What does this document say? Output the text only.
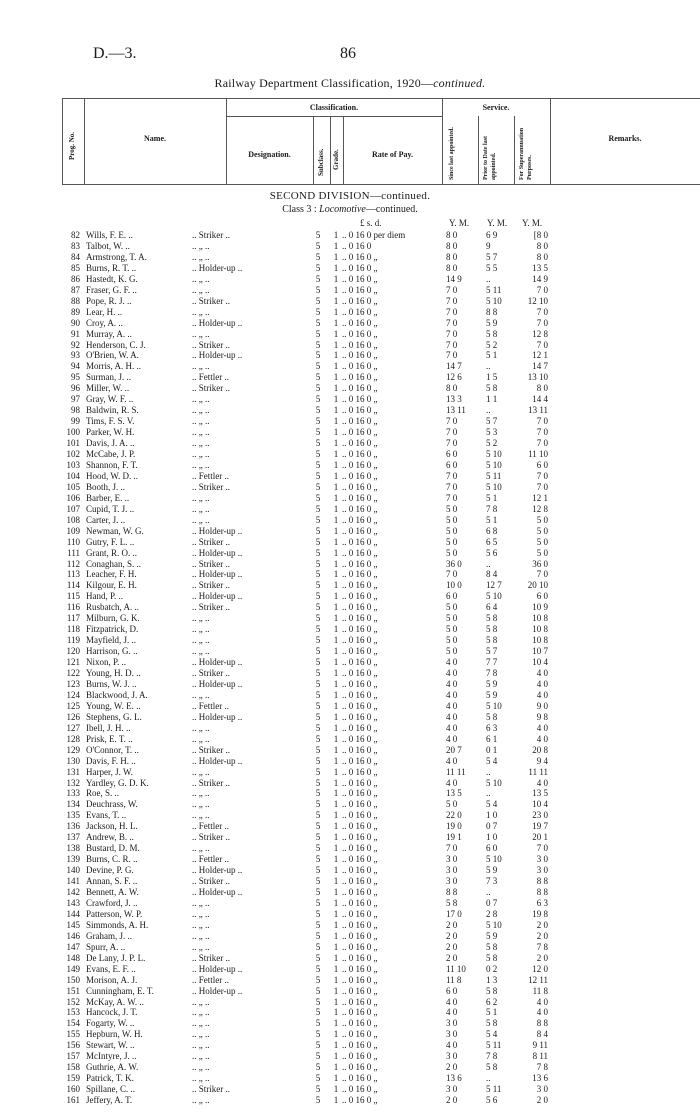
D.—3.	86
Railway Department Classification, 1920—continued.
Classification.	Service.
Name.
Designation.	Rate of Pay.
Remarks.
Prog. No.
Subclass. Grade.	Since last appointed.	Prior to Date last appointed.	For Superannuation Purposes.
SECOND DIVISION—continued.
Class 3 : Locomotive—continued.
£ s. d.	Y. M. Y. M. Y. M.
82 Wills, F. E. ..	.. Striker ..	5	1 .. 0 16 0 per diem	8 0	6 9	[8 0
83 Talbot, W. ..	.. „ ..	5	1 .. 0 16 0	8 0	9	8 0
84 Armstrong, T. A.	.. „ ..	5	1 .. 0 16 0 „	8 0	5 7	8 0
85 Burns, R. T. ..	.. Holder-up ..	5	1 .. 0 16 0 „	8 0	5 5	13 5
86 Hastedt, K. G.	.. „ ..	5	1 .. 0 16 0 „	14 9	..	14 9
87 Fraser, G. F. ..	.. „ ..	5	1 .. 0 16 0 „	7 0	5 11	7 0
88 Pope, R. J. ..	.. Striker ..	5	1 .. 0 16 0 „	7 0	5 10	12 10
89 Lear, H. ..	.. „ ..	5	1 .. 0 16 0 „	7 0	8 8	7 0
90 Croy, A. ..	.. Holder-up ..	5	1 .. 0 16 0 „	7 0	5 9	7 0
91 Murray, A. ..	.. „ ..	5	1 .. 0 16 0 „	7 0	5 8	12 8
92 Henderson, C. J.	.. Striker ..	5	1 .. 0 16 0 „	7 0	5 2	7 0
93 O'Brien, W. A.	.. Holder-up ..	5	1 .. 0 16 0 „	7 0	5 1	12 1
94 Morris, A. H. ..	.. „ ..	5	1 .. 0 16 0 „	14 7	..	14 7
95 Surman, J. ..	.. Fettler ..	5	1 .. 0 16 0 „	12 6	1 5	13 10
96 Miller, W. ..	.. Striker ..	5	1 .. 0 16 0 „	8 0	5 8	8 0
97 Gray, W. F. ..	.. „ ..	5	1 .. 0 16 0 „	13 3	1 1	14 4
98 Baldwin, R. S.	.. „ ..	5	1 .. 0 16 0 „	13 11	..	13 11
99 Tims, F. S. V.	.. „ ..	5	1 .. 0 16 0 „	7 0	5 7	7 0
100 Parker, W. H.	.. „ ..	5	1 .. 0 16 0 „	7 0	5 3	7 0
101 Davis, J. A. ..	.. „ ..	5	1 .. 0 16 0 „	7 0	5 2	7 0
102 McCabe, J. P.	.. „ ..	5	1 .. 0 16 0 „	6 0	5 10	11 10
103 Shannon, F. T.	.. „ ..	5	1 .. 0 16 0 „	6 0	5 10	6 0
104 Hood, W. D. ..	.. Fettler ..	5	1 .. 0 16 0 „	7 0	5 11	7 0
105 Booth, J. ..	.. Striker ..	5	1 .. 0 16 0 „	7 0	5 10	7 0
106 Barber, E. ..	.. „ ..	5	1 .. 0 16 0 „	7 0	5 1	12 1
107 Cupid, T. J. ..	.. „ ..	5	1 .. 0 16 0 „	5 0	7 8	12 8
108 Carter, J. ..	.. „ ..	5	1 .. 0 16 0 „	5 0	5 1	5 0
109 Newman, W. G.	.. Holder-up ..	5	1 .. 0 16 0 „	5 0	6 8	5 0
110 Gutry, F. L. ..	.. Striker ..	5	1 .. 0 16 0 „	5 0	6 5	5 0
111 Grant, R. O. ..	.. Holder-up ..	5	1 .. 0 16 0 „	5 0	5 6	5 0
112 Conaghan, S. ..	.. Striker ..	5	1 .. 0 16 0 „	36 0	..	36 0
113 Leacher, F. H.	.. Holder-up ..	5	1 .. 0 16 0 „	7 0	8 4	7 0
114 Kilgour, E. H.	.. Striker ..	5	1 .. 0 16 0 „	10 0	12 7	20 10
115 Hand, P. ..	.. Holder-up ..	5	1 .. 0 16 0 „	6 0	5 10	6 0
116 Rusbatch, A. ..	.. Striker ..	5	1 .. 0 16 0 „	5 0	6 4	10 9
117 Milburn, G. K.	.. „ ..	5	1 .. 0 16 0 „	5 0	5 8	10 8
118 Fitzpatrick, D.	.. „ ..	5	1 .. 0 16 0 „	5 0	5 8	10 8
119 Mayfield, J. ..	.. „ ..	5	1 .. 0 16 0 „	5 0	5 8	10 8
120 Harrison, G. ..	.. „ ..	5	1 .. 0 16 0 „	5 0	5 7	10 7
121 Nixon, P. ..	.. Holder-up ..	5	1 .. 0 16 0 „	4 0	7 7	10 4
122 Young, H. D. ..	.. Striker ..	5	1 .. 0 16 0 „	4 0	7 8	4 0
123 Burns, W. J. ..	.. Holder-up ..	5	1 .. 0 16 0 „	4 0	5 9	4 0
124 Blackwood, J. A.	.. „ ..	5	1 .. 0 16 0 „	4 0	5 9	4 0
125 Young, W. E. ..	.. Fettler ..	5	1 .. 0 16 0 „	4 0	5 10	9 0
126 Stephens, G. L.	.. Holder-up ..	5	1 .. 0 16 0 „	4 0	5 8	9 8
127 Ibell, J. H. ..	.. „ ..	5	1 .. 0 16 0 „	4 0	6 3	4 0
128 Prisk, E. T. ..	.. „ ..	5	1 .. 0 16 0 „	4 0	6 1	4 0
129 O'Connor, T. ..	.. Striker ..	5	1 .. 0 16 0 „	20 7	0 1	20 8
130 Davis, F. H. ..	.. Holder-up ..	5	1 .. 0 16 0 „	4 0	5 4	9 4
131 Harper, J. W.	.. „ ..	5	1 .. 0 16 0 „	11 11	..	11 11
132 Yardley, G. D. K.	.. Striker ..	5	1 .. 0 16 0 „	4 0	5 10	4 0
133 Roe, S. ..	.. „ ..	5	1 .. 0 16 0 „	13 5	..	13 5
134 Deuchrass, W.	.. „ ..	5	1 .. 0 16 0 „	5 0	5 4	10 4
135 Evans, T. ..	.. „ ..	5	1 .. 0 16 0 „	22 0	1 0	23 0
136 Jackson, H. L.	.. Fettler ..	5	1 .. 0 16 0 „	19 0	0 7	19 7
137 Andrew, B. ..	.. Striker ..	5	1 .. 0 16 0 „	19 1	1 0	20 1
138 Bustard, D. M.	.. „ ..	5	1 .. 0 16 0 „	7 0	6 0	7 0
139 Burns, C. R. ..	.. Fettler ..	5	1 .. 0 16 0 „	3 0	5 10	3 0
140 Devine, P. G.	.. Holder-up ..	5	1 .. 0 16 0 „	3 0	5 9	3 0
141 Annan, S. F. ..	.. Striker ..	5	1 .. 0 16 0 „	3 0	7 3	8 8
142 Bennett, A. W.	.. Holder-up ..	5	1 .. 0 16 0 „	8 8	..	8 8
143 Crawford, J. ..	.. „ ..	5	1 .. 0 16 0 „	5 8	0 7	6 3
144 Patterson, W. P.	.. „ ..	5	1 .. 0 16 0 „	17 0	2 8	19 8
145 Simmonds, A. H.	.. „ ..	5	1 .. 0 16 0 „	2 0	5 10	2 0
146 Graham, J. ..	.. „ ..	5	1 .. 0 16 0 „	2 0	5 9	2 0
147 Spurr, A. ..	.. „ ..	5	1 .. 0 16 0 „	2 0	5 8	7 8
148 De Lany, J. P. L.	.. Striker ..	5	1 .. 0 16 0 „	2 0	5 8	2 0
149 Evans, E. F. ..	.. Holder-up ..	5	1 .. 0 16 0 „	11 10	0 2	12 0
150 Morison, A. J.	.. Fettler ..	5	1 .. 0 16 0 „	11 8	1 3	12 11
151 Cunningham, E. T.	.. Holder-up ..	5	1 .. 0 16 0 „	6 0	5 8	11 8
152 McKay, A. W. ..	.. „ ..	5	1 .. 0 16 0 „	4 0	6 2	4 0
153 Hancock, J. T.	.. „ ..	5	1 .. 0 16 0 „	4 0	5 1	4 0
154 Fogarty, W. ..	.. „ ..	5	1 .. 0 16 0 „	3 0	5 8	8 8
155 Hepburn, W. H.	.. „ ..	5	1 .. 0 16 0 „	3 0	5 4	8 4
156 Stewart, W. ..	.. „ ..	5	1 .. 0 16 0 „	4 0	5 11	9 11
157 McIntyre, J. ..	.. „ ..	5	1 .. 0 16 0 „	3 0	7 8	8 11
158 Guthrie, A. W.	.. „ ..	5	1 .. 0 16 0 „	2 0	5 8	7 8
159 Patrick, T. K.	.. „ ..	5	1 .. 0 16 0 „	13 6	..	13 6
160 Spillane, C. ..	.. Striker ..	5	1 .. 0 16 0 „	3 0	5 11	3 0
161 Jeffery, A. T.	.. „ ..	5	1 .. 0 16 0 „	2 0	5 6	2 0
